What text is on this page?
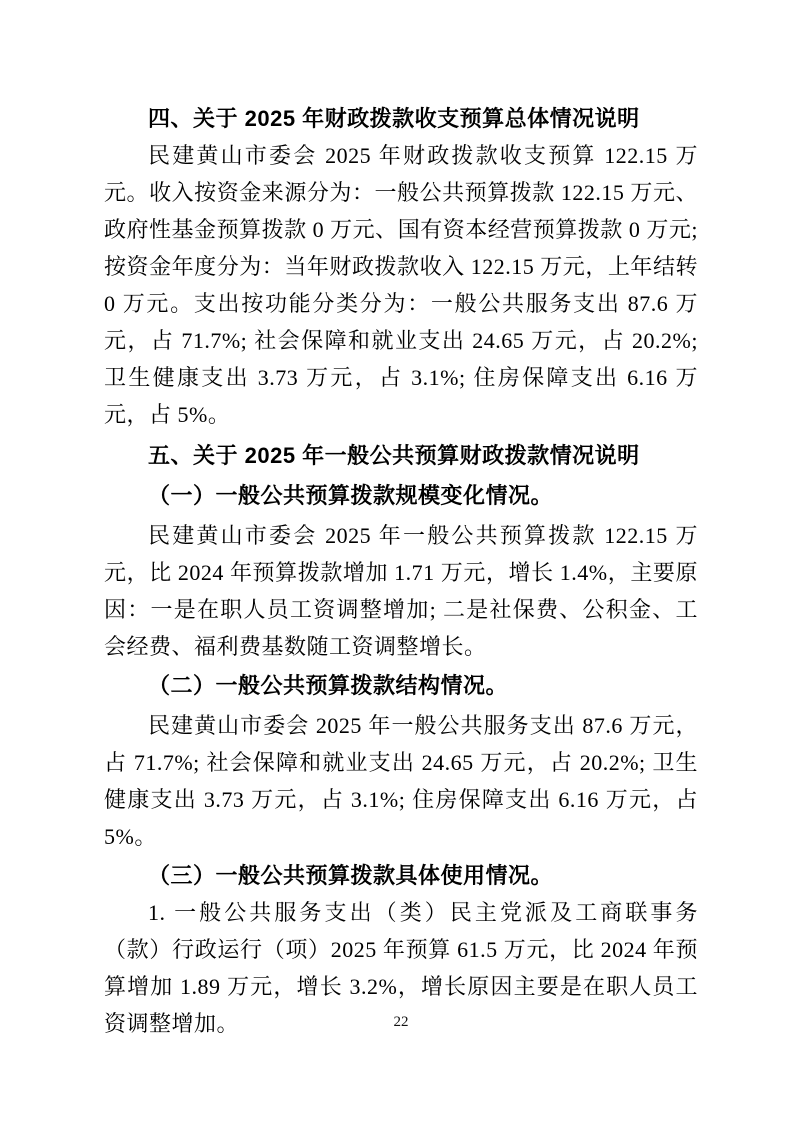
四、关于 2025 年财政拨款收支预算总体情况说明

民建黄山市委会 2025 年财政拨款收支预算 122.15 万元。收入按资金来源分为：一般公共预算拨款 122.15 万元、政府性基金预算拨款 0 万元、国有资本经营预算拨款 0 万元; 按资金年度分为：当年财政拨款收入 122.15 万元，上年结转 0 万元。支出按功能分类分为：一般公共服务支出 87.6 万元，占 71.7%; 社会保障和就业支出 24.65 万元，占 20.2%; 卫生健康支出 3.73 万元，占 3.1%; 住房保障支出 6.16 万元，占 5%。

五、关于 2025 年一般公共预算财政拨款情况说明
（一）一般公共预算拨款规模变化情况。

民建黄山市委会 2025 年一般公共预算拨款 122.15 万元，比 2024 年预算拨款增加 1.71 万元，增长 1.4%，主要原因：一是在职人员工资调整增加; 二是社保费、公积金、工会经费、福利费基数随工资调整增长。

（二）一般公共预算拨款结构情况。

民建黄山市委会 2025 年一般公共服务支出 87.6 万元，占 71.7%; 社会保障和就业支出 24.65 万元，占 20.2%; 卫生健康支出 3.73 万元，占 3.1%; 住房保障支出 6.16 万元，占 5%。

（三）一般公共预算拨款具体使用情况。

1. 一般公共服务支出（类）民主党派及工商联事务（款）行政运行（项）2025 年预算 61.5 万元，比 2024 年预算增加 1.89 万元，增长 3.2%，增长原因主要是在职人员工资调整增加。	22
